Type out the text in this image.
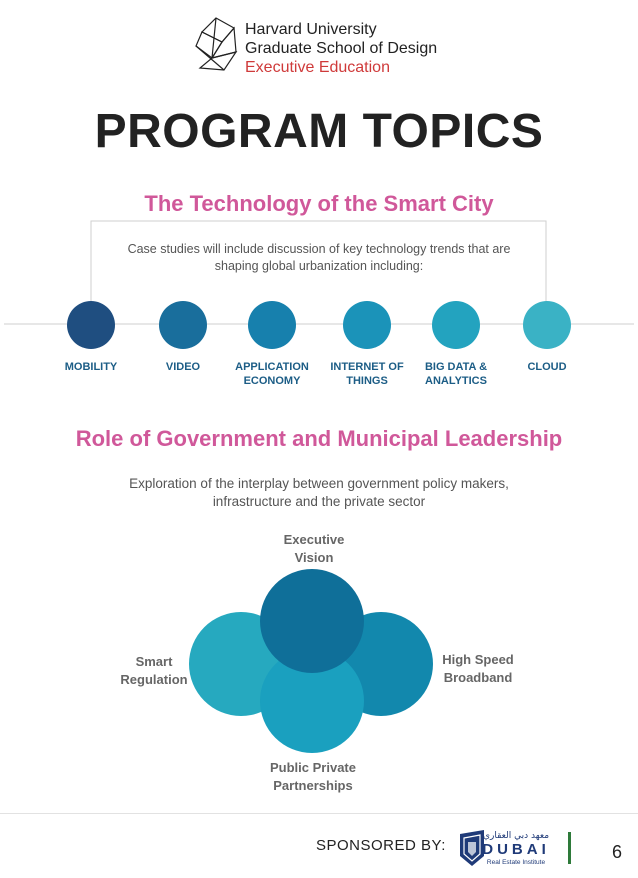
Harvard University
Graduate School of Design
Executive Education
PROGRAM TOPICS
The Technology of the Smart City
Case studies will include discussion of key technology trends that are shaping global urbanization including:
MOBILITY	VIDEO	APPLICATION ECONOMY
INTERNET OF THINGS
BIG DATA & ANALYTICS
CLOUD
Role of Government and Municipal Leadership
Exploration of the interplay between government policy makers, infrastructure and the private sector
Executive Vision
High Speed Broadband
Public Private Partnerships
Smart Regulation
SPONSORED BY:
معهد دبي العقاري
DUBAI
Real Estate Institute
6
